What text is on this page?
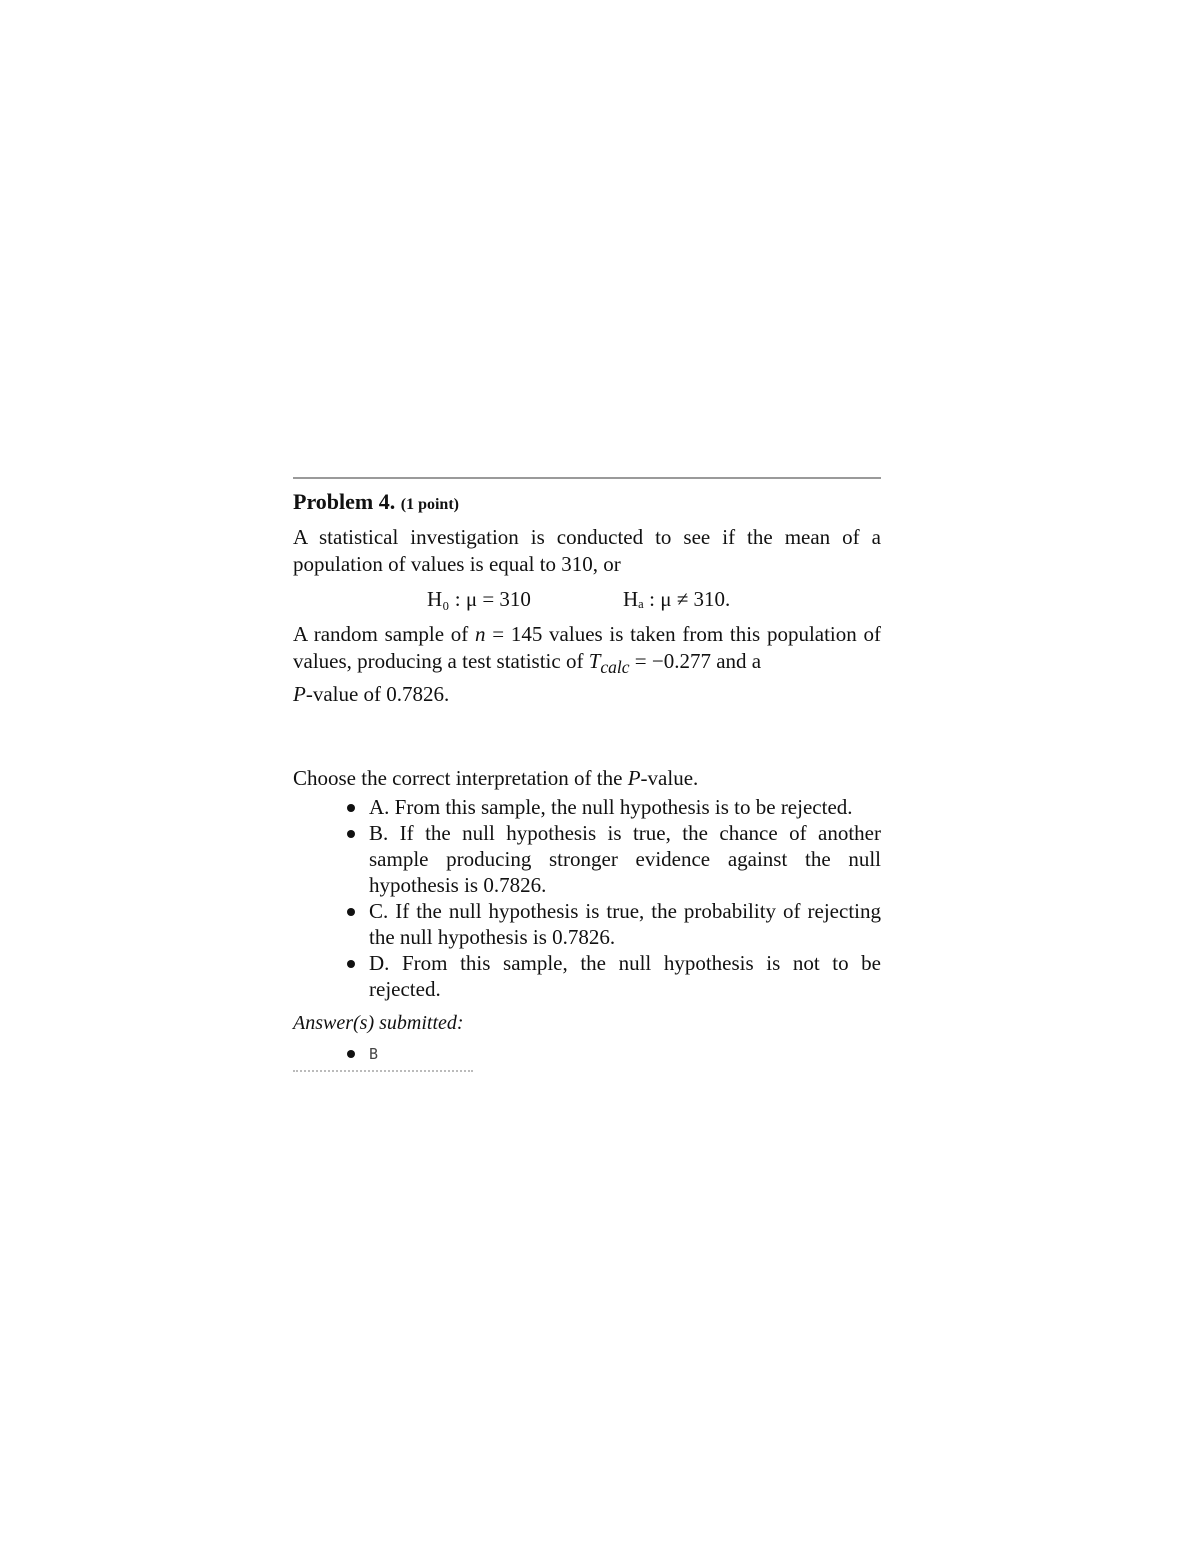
Problem 4. (1 point)

A statistical investigation is conducted to see if the mean of a population of values is equal to 310, or

H₀ : μ = 310	Hₐ : μ ≠ 310.

A random sample of n = 145 values is taken from this population of values, producing a test statistic of $T_{calc} = -0.277$ and a
P-value of 0.7826.

Choose the correct interpretation of the P-value.

A. From this sample, the null hypothesis is to be rejected.
B. If the null hypothesis is true, the chance of another sample producing stronger evidence against the null hypothesis is 0.7826.
C. If the null hypothesis is true, the probability of rejecting the null hypothesis is 0.7826.
D. From this sample, the null hypothesis is not to be rejected.
Answer(s) submitted:
B
